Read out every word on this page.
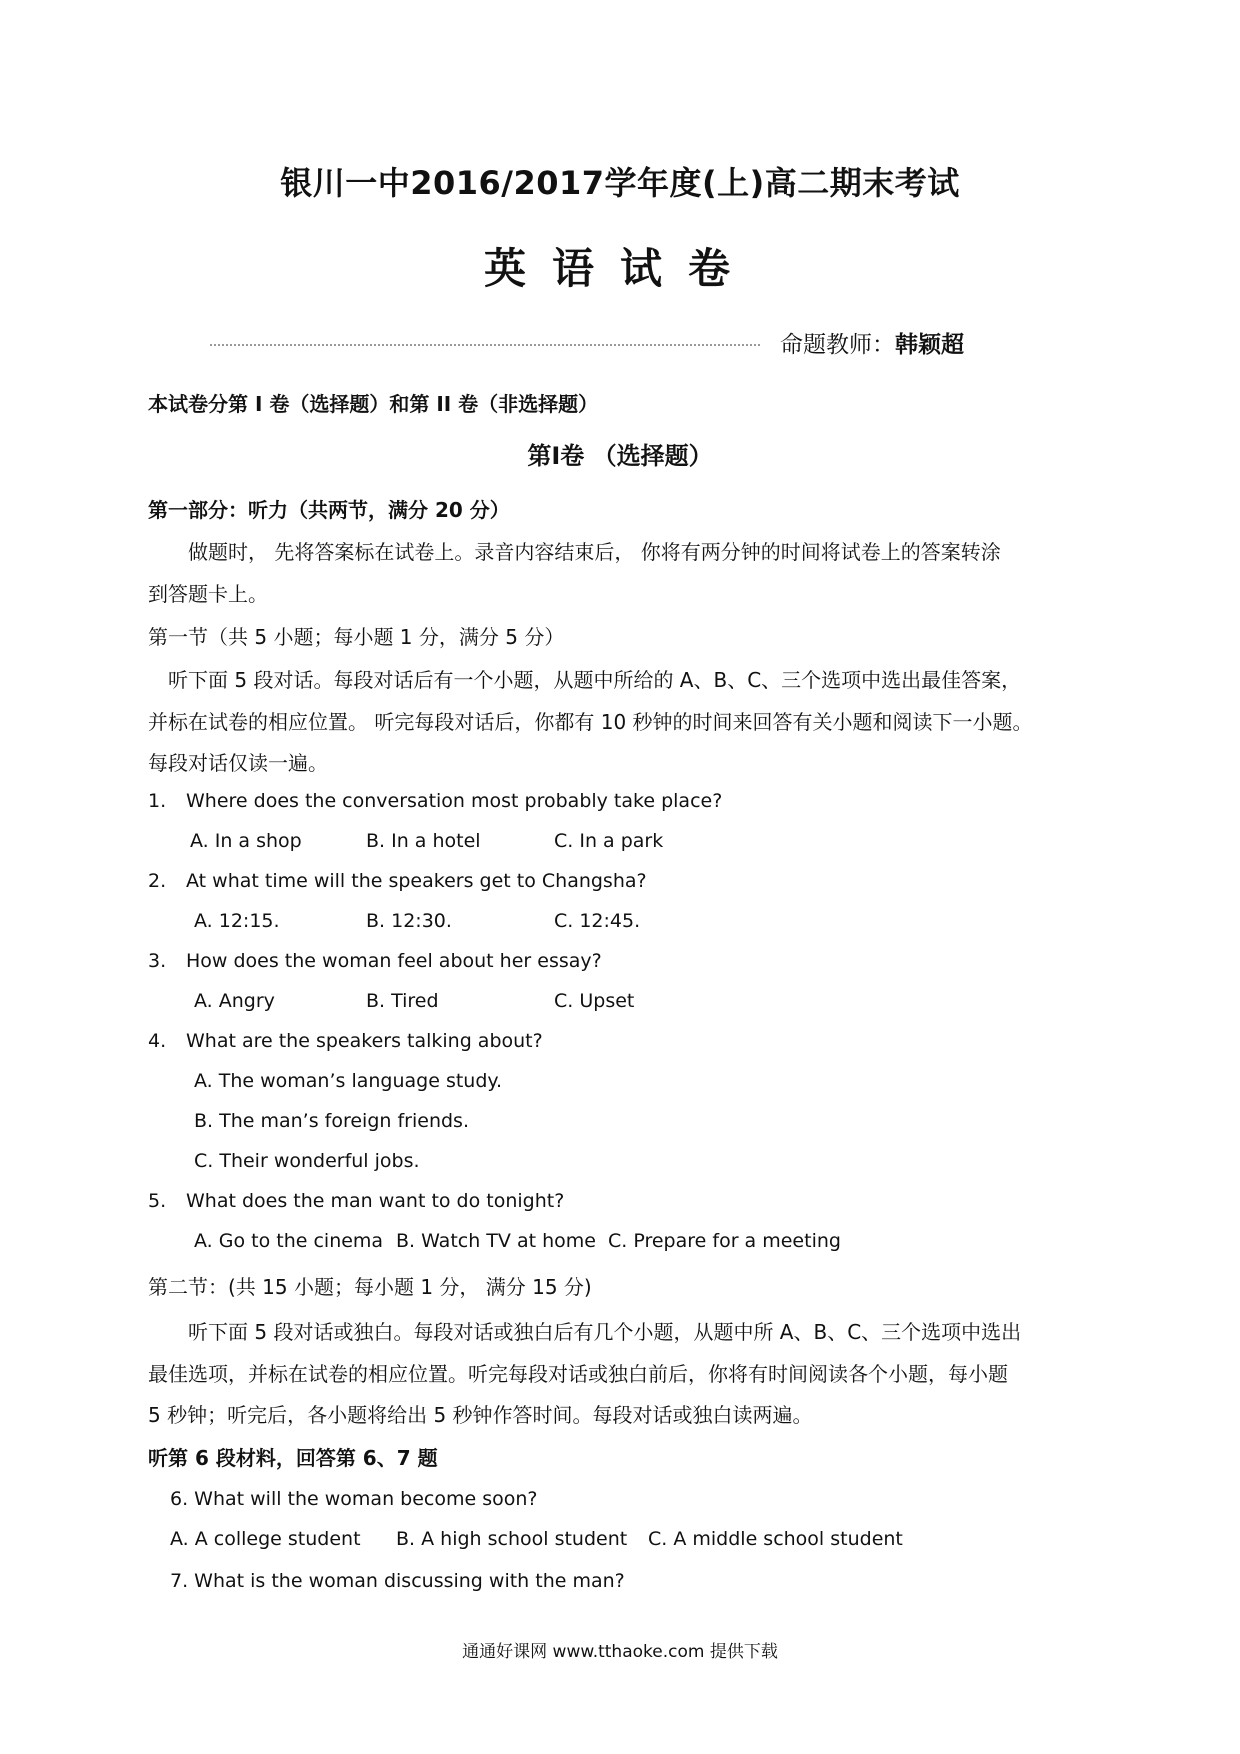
银川一中2016/2017学年度(上)高二期末考试
英语试卷
命题教师：韩颖超
本试卷分第 I 卷（选择题）和第 II 卷（非选择题）
第Ⅰ卷 （选择题）
第一部分：听力（共两节，满分 20 分）
做题时， 先将答案标在试卷上。录音内容结束后， 你将有两分钟的时间将试卷上的答案转涂
到答题卡上。
第一节（共 5 小题；每小题 1 分，满分 5 分）
听下面 5 段对话。每段对话后有一个小题，从题中所给的 A、B、C、三个选项中选出最佳答案，
并标在试卷的相应位置。 听完每段对话后，你都有 10 秒钟的时间来回答有关小题和阅读下一小题。
每段对话仅读一遍。
1. Where does the conversation most probably take place?
A. In a shop	B. In a hotel	C. In a park
2. At what time will the speakers get to Changsha?
A. 12:15.	B. 12:30.	C. 12:45.
3. How does the woman feel about her essay?
A. Angry	B. Tired	C. Upset
4. What are the speakers talking about?
A. The woman’s language study.
B. The man’s foreign friends.
C. Their wonderful jobs.
5. What does the man want to do tonight?
A. Go to the cinema B. Watch TV at home C. Prepare for a meeting
第二节：(共 15 小题；每小题 1 分， 满分 15 分)
听下面 5 段对话或独白。每段对话或独白后有几个小题，从题中所 A、B、C、三个选项中选出
最佳选项，并标在试卷的相应位置。听完每段对话或独白前后，你将有时间阅读各个小题，每小题
5 秒钟；听完后，各小题将给出 5 秒钟作答时间。每段对话或独白读两遍。
听第 6 段材料，回答第 6、7 题
6. What will the woman become soon?
A. A college student B. A high school student C. A middle school student
7. What is the woman discussing with the man?
通通好课网 www.tthaoke.com 提供下载
